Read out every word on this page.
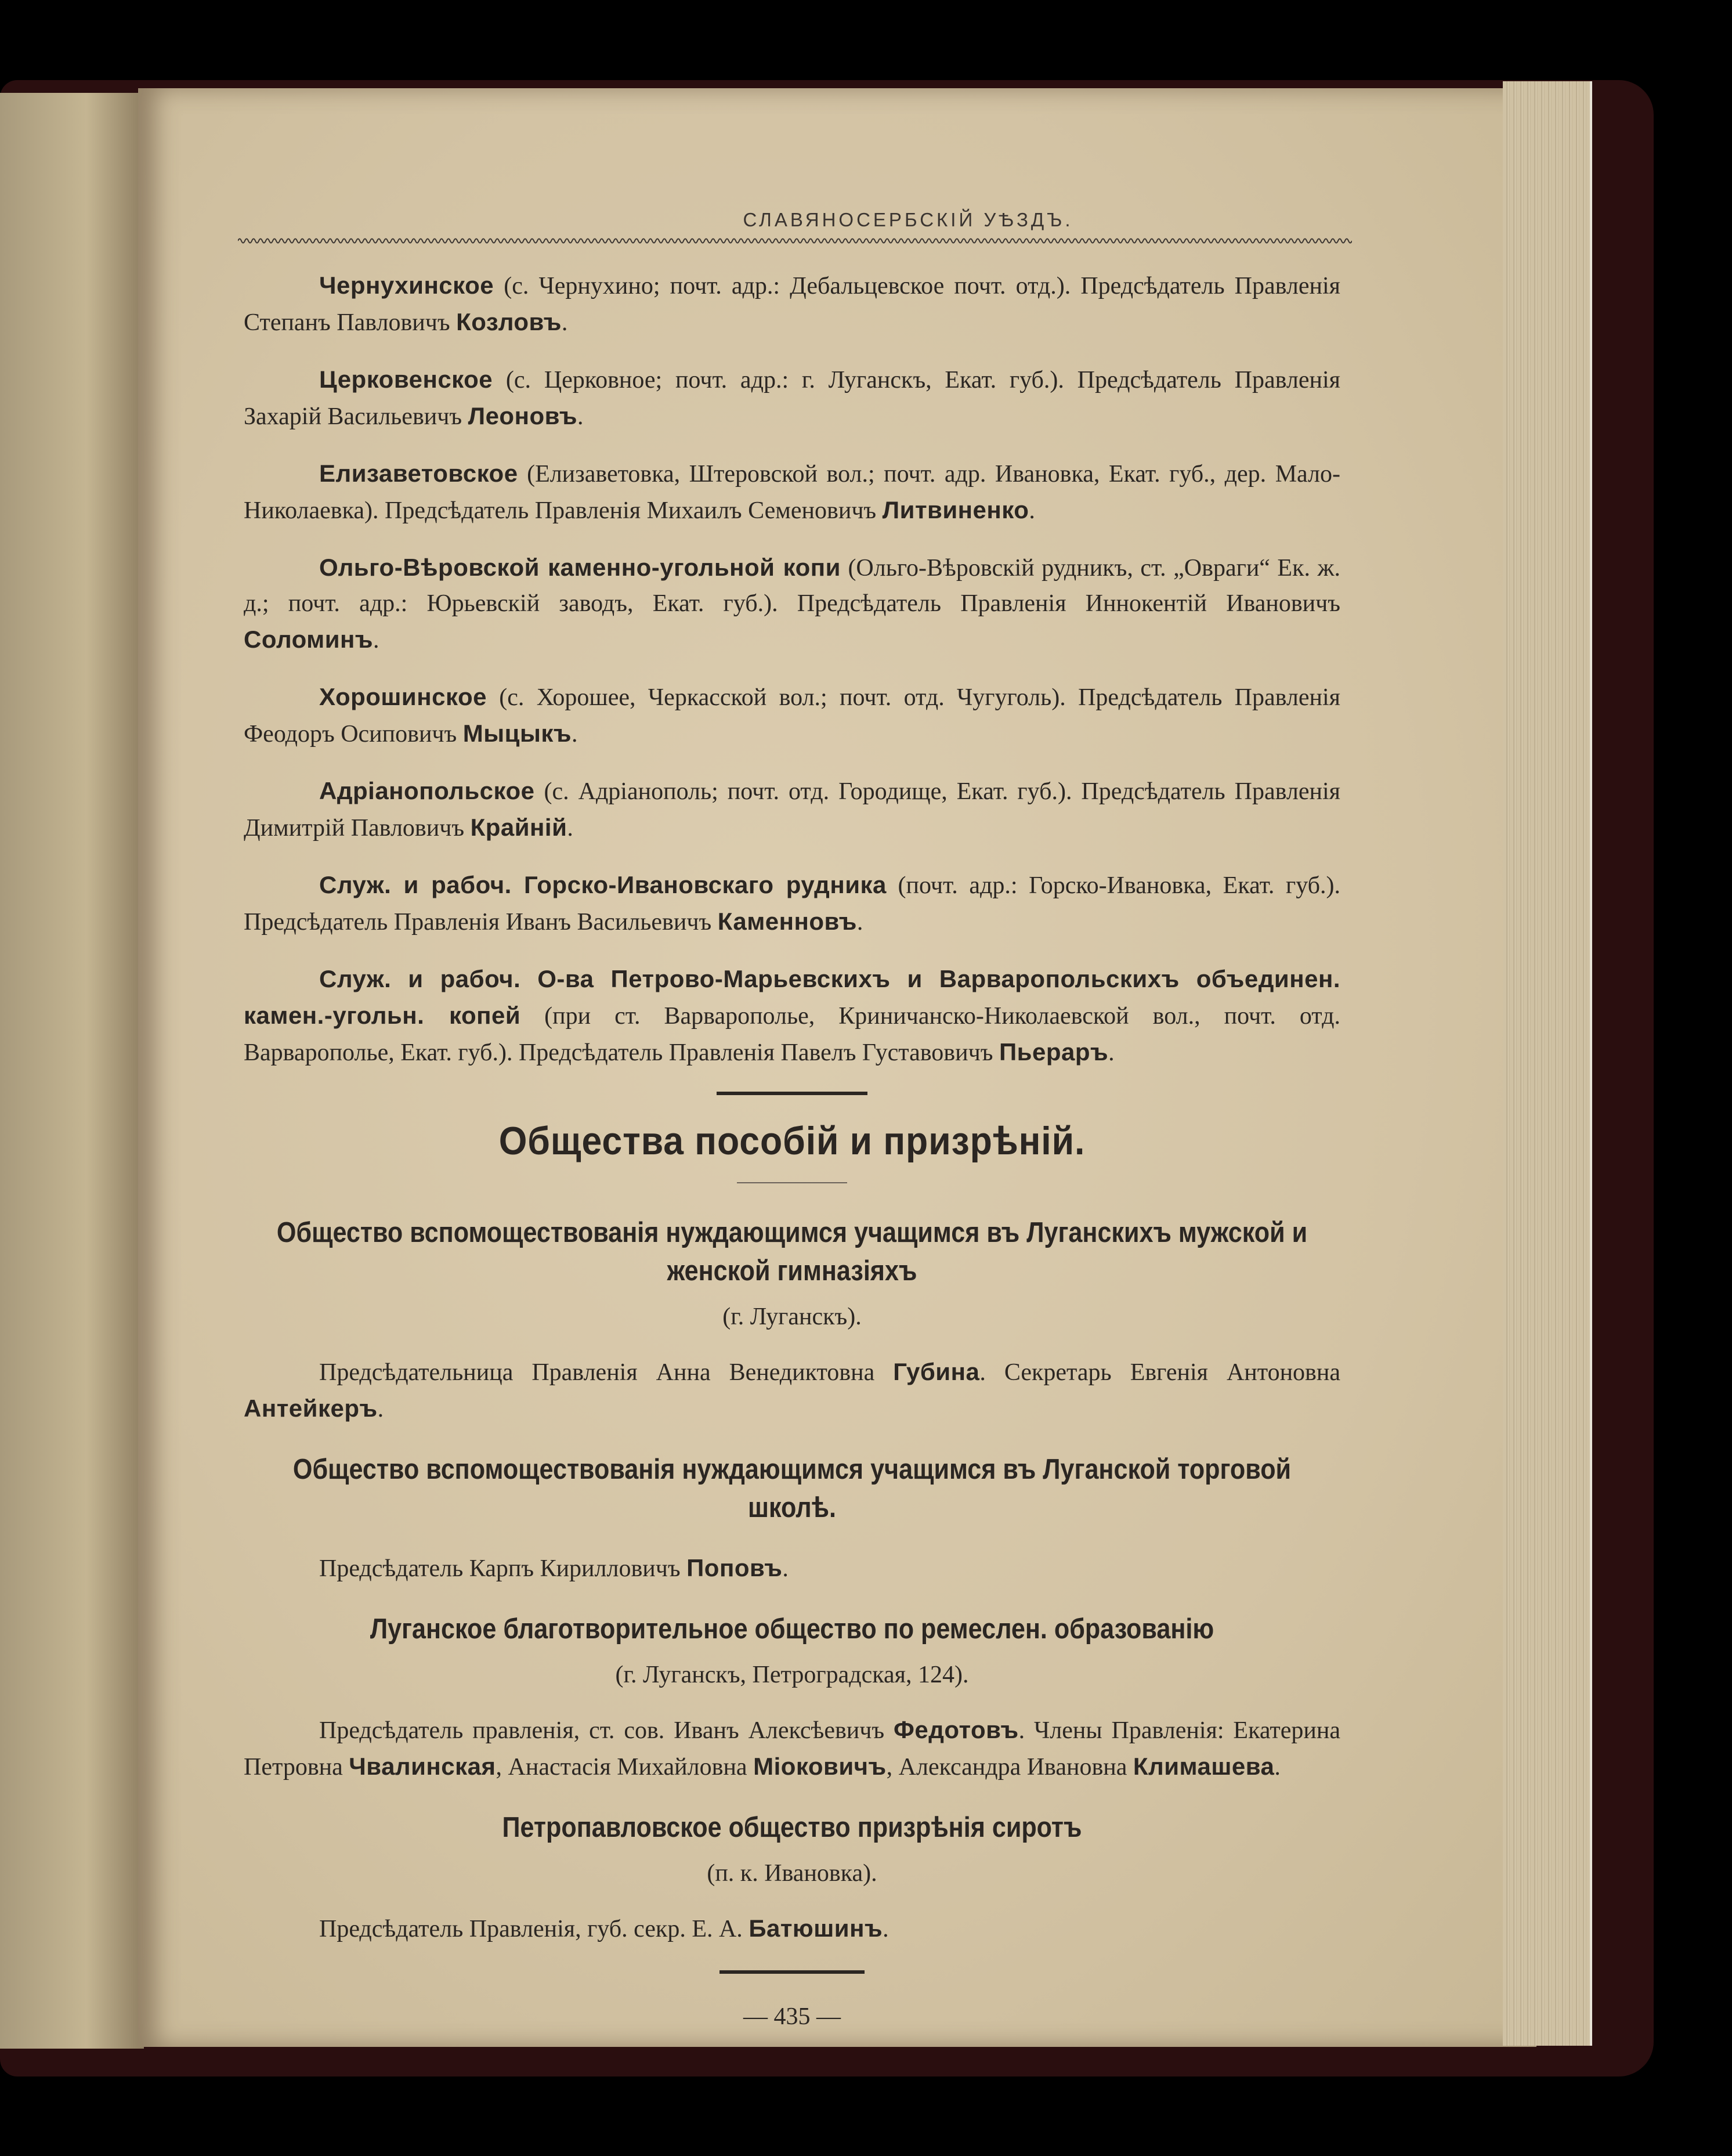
СЛАВЯНОСЕРБСКІЙ УѢЗДЪ.
Чернухинское (с. Чернухино; почт. адр.: Дебальцевское почт. отд.). Предсѣдатель Правленія Степанъ Павловичъ Козловъ.
Церковенское (с. Церковное; почт. адр.: г. Луганскъ, Екат. губ.). Предсѣдатель Правленія Захарій Васильевичъ Леоновъ.
Елизаветовское (Елизаветовка, Штеровской вол.; почт. адр. Ивановка, Екат. губ., дер. Мало-Николаевка). Предсѣдатель Правленія Михаилъ Семеновичъ Литвиненко.
Ольго-Вѣровской каменно-угольной копи (Ольго-Вѣровскій рудникъ, ст. „Овраги“ Ек. ж. д.; почт. адр.: Юрьевскій заводъ, Екат. губ.). Предсѣдатель Правленія Иннокентій Ивановичъ Соломинъ.
Хорошинское (с. Хорошее, Черкасской вол.; почт. отд. Чугуголь). Предсѣдатель Правленія Феодоръ Осиповичъ Мыцыкъ.
Адріанопольское (с. Адріанополь; почт. отд. Городище, Екат. губ.). Предсѣдатель Правленія Димитрій Павловичъ Крайній.
Служ. и рабоч. Горско-Ивановскаго рудника (почт. адр.: Горско-Ивановка, Екат. губ.). Предсѣдатель Правленія Иванъ Васильевичъ Каменновъ.
Служ. и рабоч. О-ва Петрово-Марьевскихъ и Варваропольскихъ объединен. камен.-угольн. копей (при ст. Варваропольe, Криничанско-Николаевской вол., почт. отд. Варваропольe, Екат. губ.). Предсѣдатель Правленія Павелъ Густавовичъ Пьераръ.
Общества пособій и призрѣній.
Общество вспомоществованія нуждающимся учащимся въ Луганскихъ мужской и женской гимназіяхъ
(г. Луганскъ).
Предсѣдательница Правленія Анна Венедиктовна Губина. Секретарь Евгенія Антоновна Антейкеръ.
Общество вспомоществованія нуждающимся учащимся въ Луганской торговой школѣ.
Предсѣдатель Карпъ Кирилловичъ Поповъ.
Луганское благотворительное общество по ремеслен. образованію
(г. Луганскъ, Петроградская, 124).
Предсѣдатель правленія, ст. сов. Иванъ Алексѣевичъ Федотовъ. Члены Правленія: Екатерина Петровна Чвалинская, Анастасія Михайловна Міоковичъ, Александра Ивановна Климашева.
Петропавловское общество призрѣнія сиротъ
(п. к. Ивановка).
Предсѣдатель Правленія, губ. секр. Е. А. Батюшинъ.
— 435 —
